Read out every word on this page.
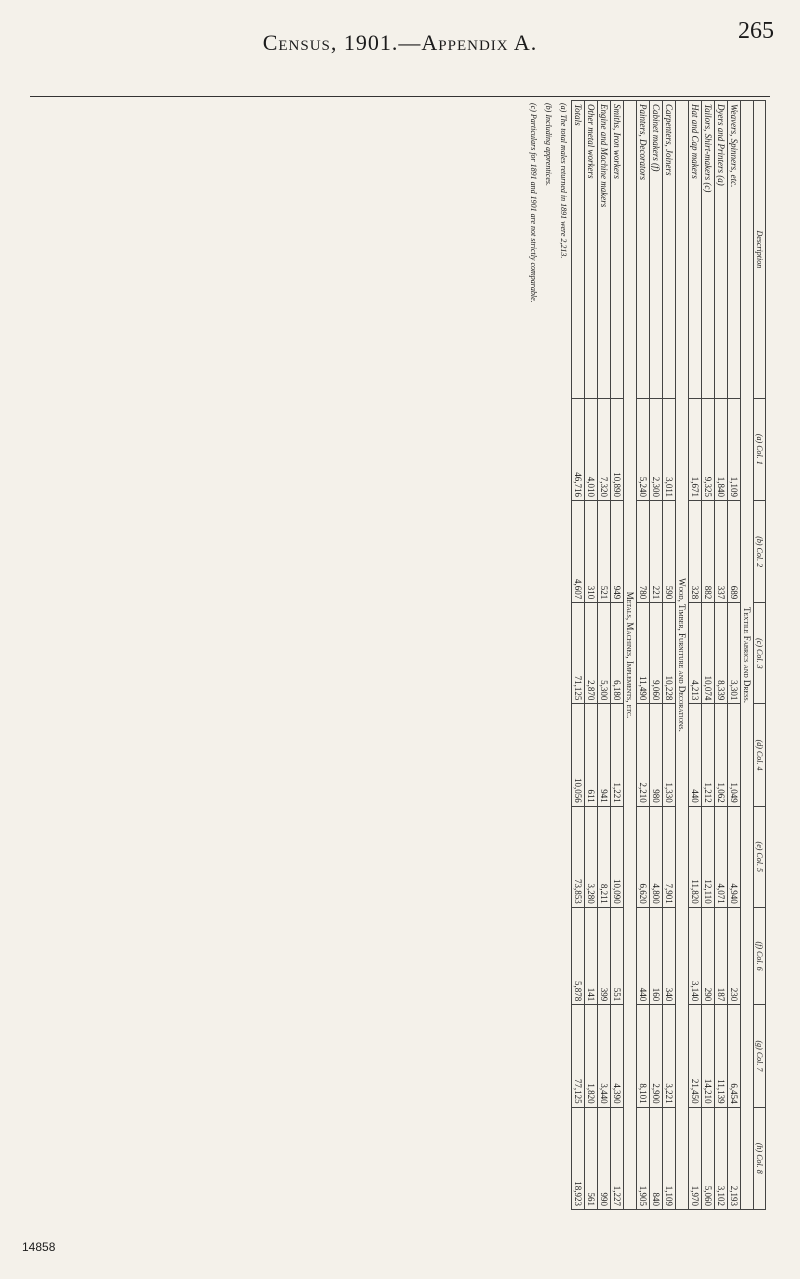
265
Census, 1901.—Appendix A.
Description	(a) Col. 1	(b) Col. 2	(c) Col. 3	(d) Col. 4	(e) Col. 5	(f) Col. 6	(g) Col. 7	(h) Col. 8
Textile Fabrics and Dress.								
Weavers, Spinners, etc.	1,109	689	3,301	1,049	4,940	230	6,454	2,193
Dyers and Printers (a)	1,840	337	8,339	1,062	4,071	187	11,139	3,102
Tailors, Shirt-makers (c)	9,325	882	10,074	1,212	12,110	290	14,210	5,060
Hat and Cap makers	1,671	328	4,213	440	11,820	3,140	21,450	1,970
Wood, Timber, Furniture and Decorations.								
Carpenters, Joiners	3,011	590	10,228	1,330	7,901	340	3,221	1,109
Cabinet makers (f)	2,300	221	9,060	980	4,800	160	2,900	840
Painters, Decorators	5,240	780	11,490	2,210	6,620	440	8,101	1,905
Metals, Machines, Implements, etc.								
Smiths, Iron workers	10,890	949	6,180	1,221	10,090	551	4,390	1,227
Engine and Machine makers	7,320	521	5,300	941	8,211	399	3,440	990
Other metal workers	4,010	310	2,870	611	3,280	141	1,820	561
Totals	46,716	4,607	71,125	10,056	73,853	5,878	77,125	18,923
(a) The total males returned in 1891 were 2,213.
(b) Including apprentices.
(c) Particulars for 1891 and 1901 are not strictly comparable.
14858
